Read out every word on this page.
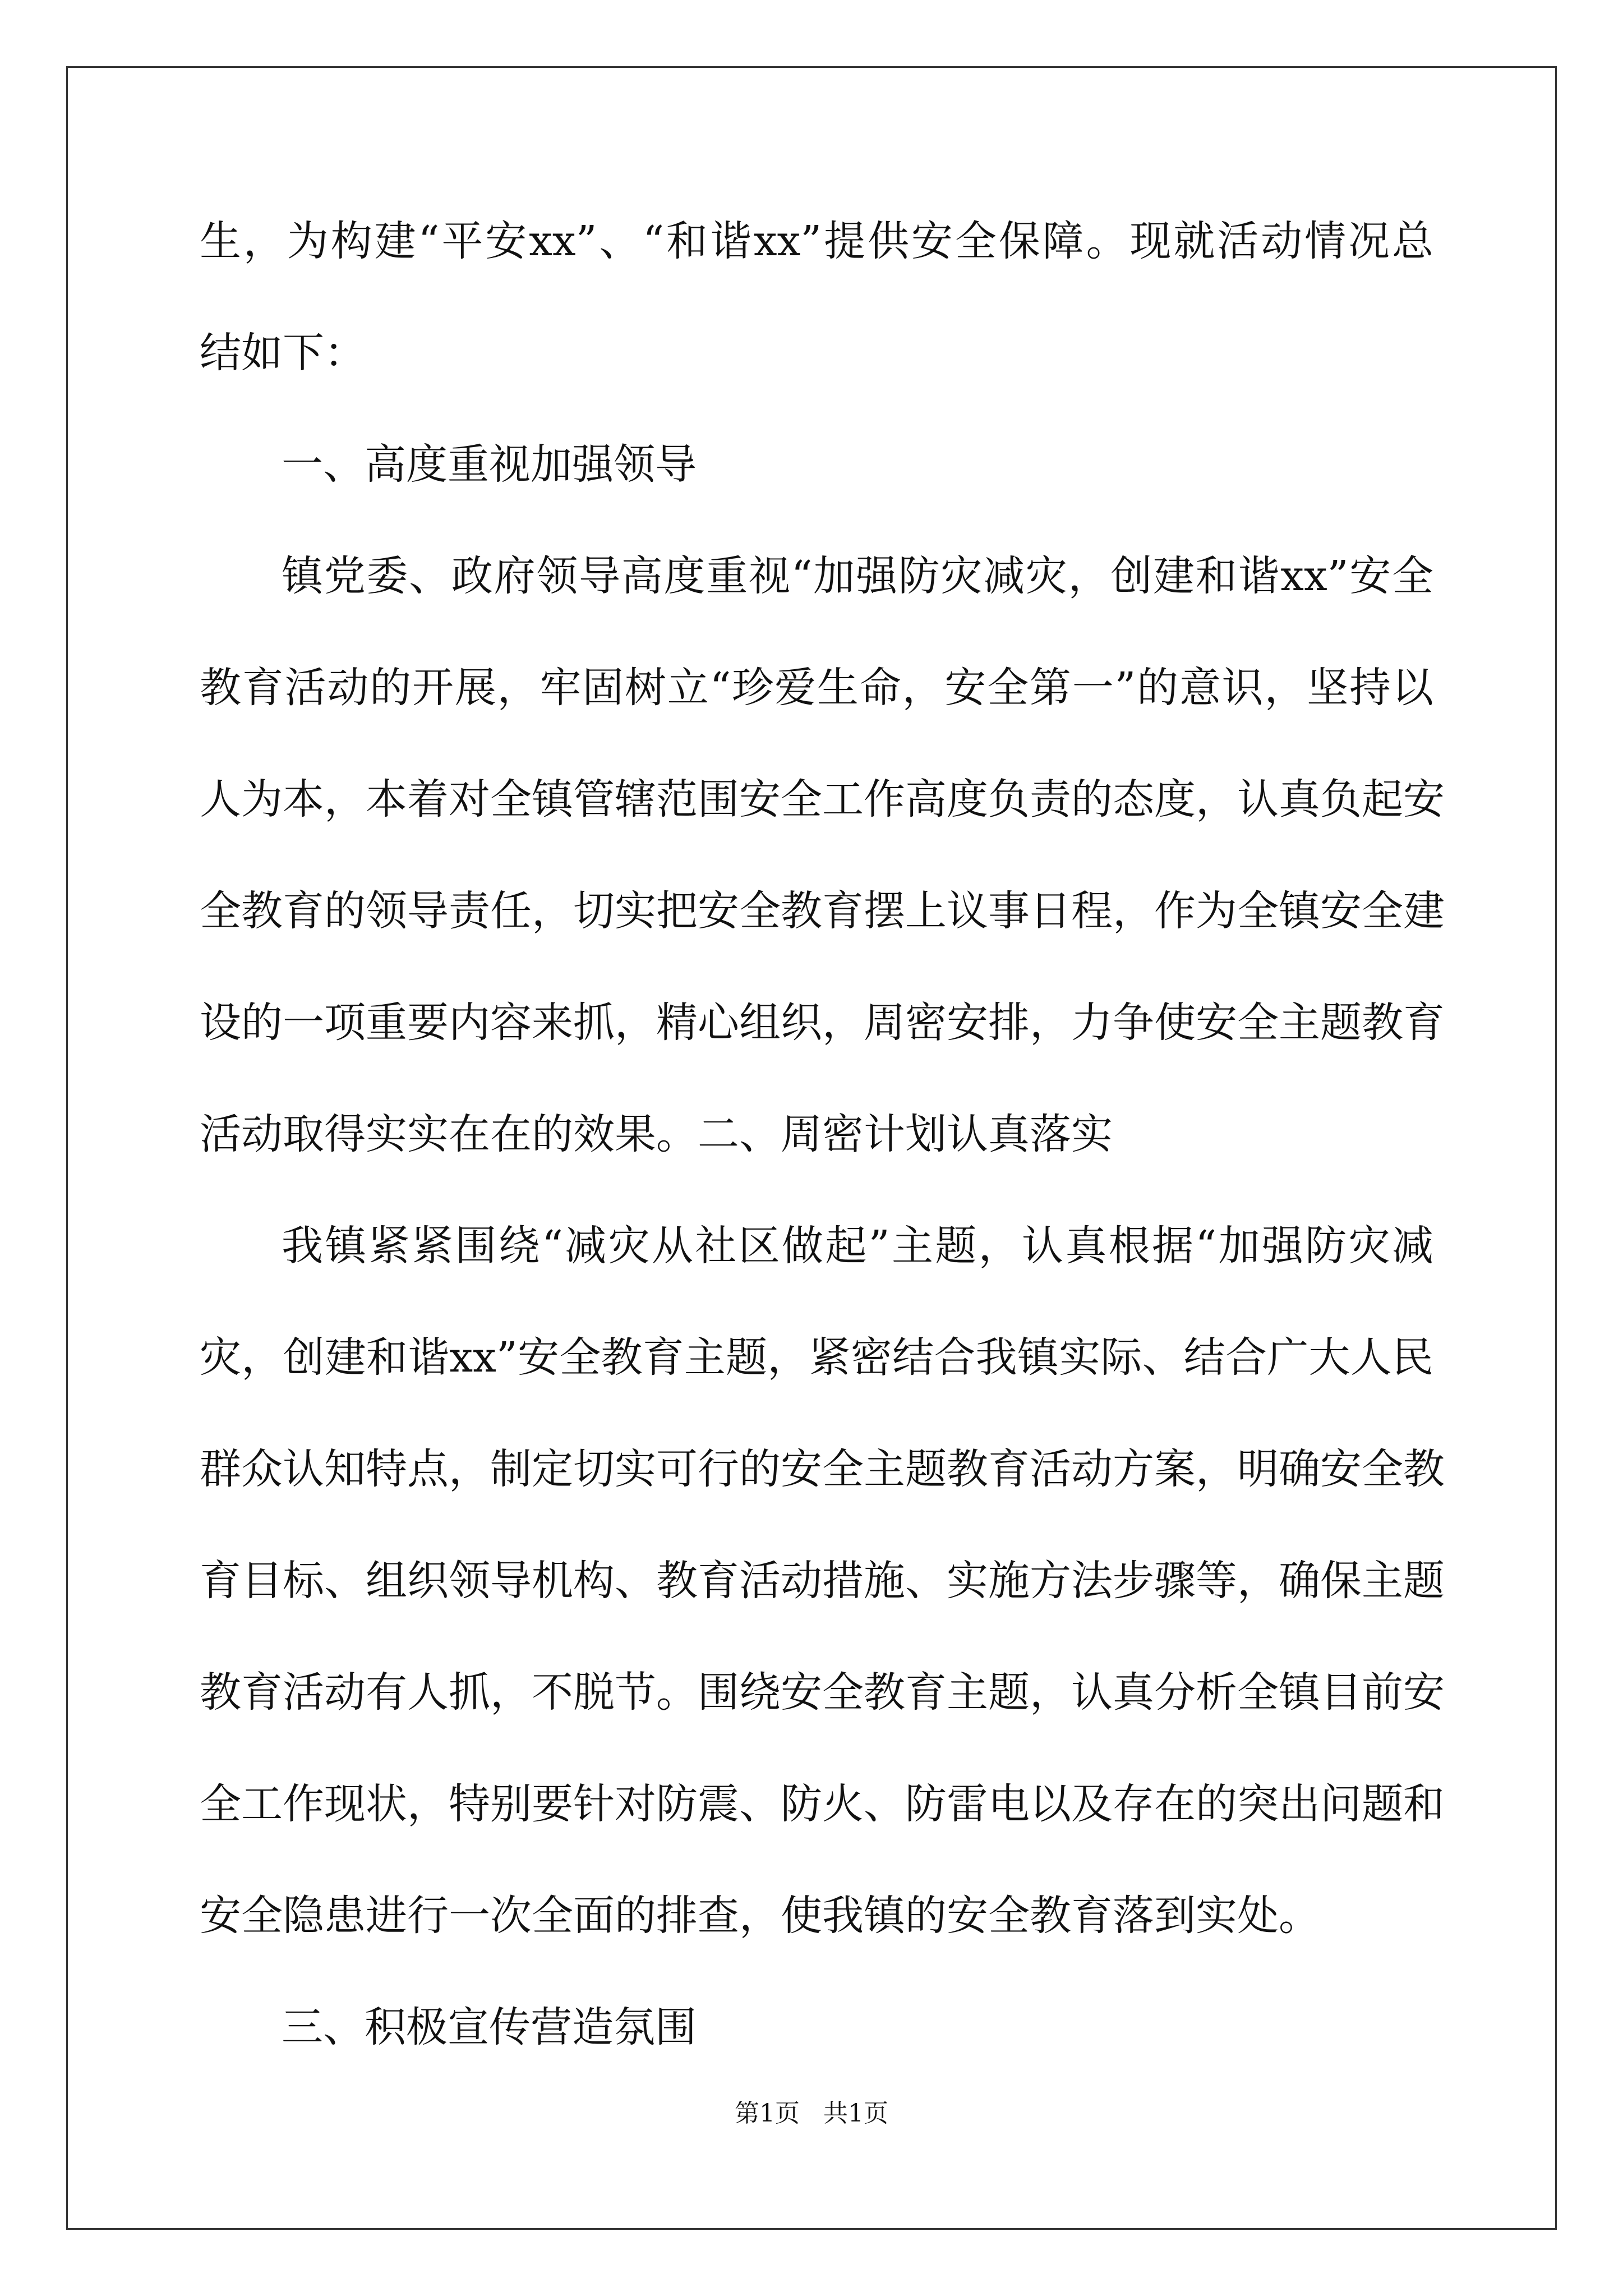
生，为构建“平安xx”、“和谐xx”提供安全保障。现就活动情况总
结如下：
一、高度重视加强领导
镇党委、政府领导高度重视“加强防灾减灾，创建和谐xx”安全
教育活动的开展，牢固树立“珍爱生命，安全第一”的意识，坚持以
人为本，本着对全镇管辖范围安全工作高度负责的态度，认真负起安
全教育的领导责任，切实把安全教育摆上议事日程，作为全镇安全建
设的一项重要内容来抓，精心组织，周密安排，力争使安全主题教育
活动取得实实在在的效果。二、周密计划认真落实
我镇紧紧围绕“减灾从社区做起”主题，认真根据“加强防灾减
灾，创建和谐xx”安全教育主题，紧密结合我镇实际、结合广大人民
群众认知特点，制定切实可行的安全主题教育活动方案，明确安全教
育目标、组织领导机构、教育活动措施、实施方法步骤等，确保主题
教育活动有人抓，不脱节。围绕安全教育主题，认真分析全镇目前安
全工作现状，特别要针对防震、防火、防雷电以及存在的突出问题和
安全隐患进行一次全面的排查，使我镇的安全教育落到实处。
三、积极宣传营造氛围
第1页   共1页
